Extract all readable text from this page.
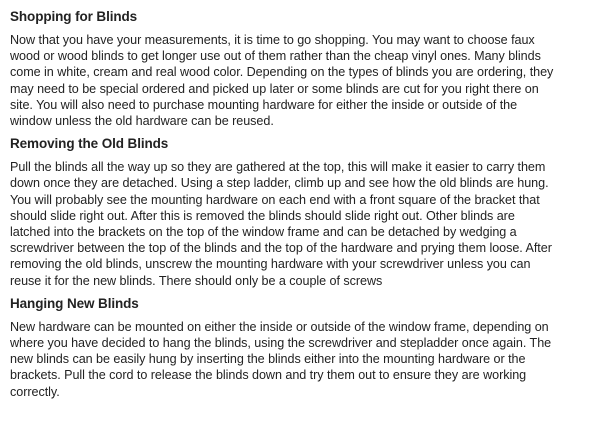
Shopping for Blinds
Now that you have your measurements, it is time to go shopping. You may want to choose faux
wood or wood blinds to get longer use out of them rather than the cheap vinyl ones. Many blinds
come in white, cream and real wood color. Depending on the types of blinds you are ordering, they
may need to be special ordered and picked up later or some blinds are cut for you right there on
site. You will also need to purchase mounting hardware for either the inside or outside of the
window unless the old hardware can be reused.
Removing the Old Blinds
Pull the blinds all the way up so they are gathered at the top, this will make it easier to carry them
down once they are detached. Using a step ladder, climb up and see how the old blinds are hung.
You will probably see the mounting hardware on each end with a front square of the bracket that
should slide right out. After this is removed the blinds should slide right out. Other blinds are
latched into the brackets on the top of the window frame and can be detached by wedging a
screwdriver between the top of the blinds and the top of the hardware and prying them loose. After
removing the old blinds, unscrew the mounting hardware with your screwdriver unless you can
reuse it for the new blinds. There should only be a couple of screws
Hanging New Blinds
New hardware can be mounted on either the inside or outside of the window frame, depending on
where you have decided to hang the blinds, using the screwdriver and stepladder once again. The
new blinds can be easily hung by inserting the blinds either into the mounting hardware or the
brackets. Pull the cord to release the blinds down and try them out to ensure they are working
correctly.
